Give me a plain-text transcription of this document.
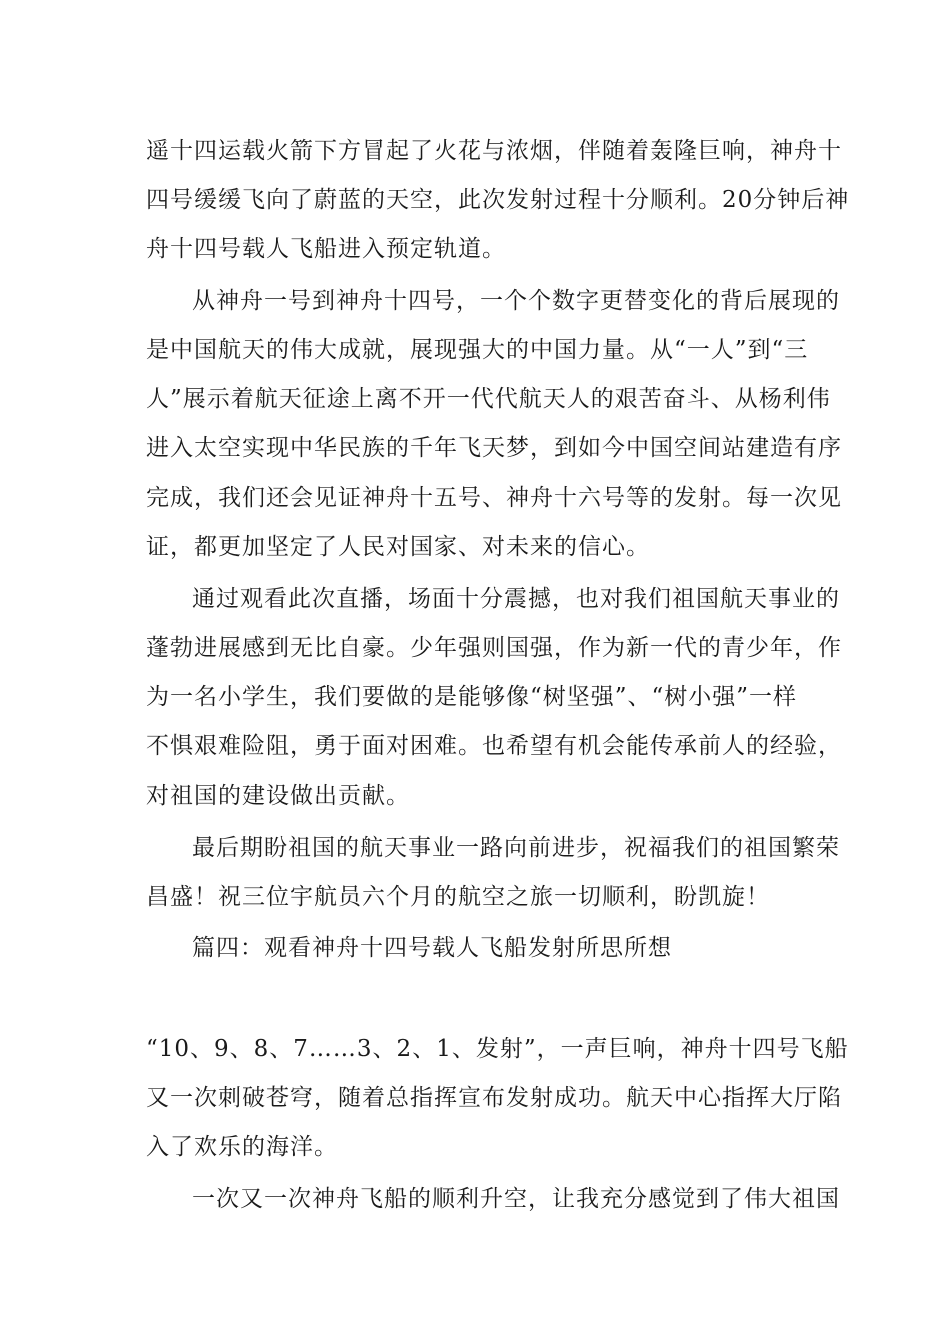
遥十四运载火箭下方冒起了火花与浓烟，伴随着轰隆巨响，神舟十
四号缓缓飞向了蔚蓝的天空，此次发射过程十分顺利。20分钟后神
舟十四号载人飞船进入预定轨道。
从神舟一号到神舟十四号，一个个数字更替变化的背后展现的
是中国航天的伟大成就，展现强大的中国力量。从“一人”到“三
人”展示着航天征途上离不开一代代航天人的艰苦奋斗、从杨利伟
进入太空实现中华民族的千年飞天梦，到如今中国空间站建造有序
完成，我们还会见证神舟十五号、神舟十六号等的发射。每一次见
证，都更加坚定了人民对国家、对未来的信心。
通过观看此次直播，场面十分震撼，也对我们祖国航天事业的
蓬勃进展感到无比自豪。少年强则国强，作为新一代的青少年，作
为一名小学生，我们要做的是能够像“树坚强”、“树小强”一样
不惧艰难险阻，勇于面对困难。也希望有机会能传承前人的经验，
对祖国的建设做出贡献。
最后期盼祖国的航天事业一路向前进步，祝福我们的祖国繁荣
昌盛！祝三位宇航员六个月的航空之旅一切顺利，盼凯旋！
篇四：观看神舟十四号载人飞船发射所思所想
“10、9、8、7……3、2、1、发射”，一声巨响，神舟十四号飞船
又一次刺破苍穹，随着总指挥宣布发射成功。航天中心指挥大厅陷
入了欢乐的海洋。
一次又一次神舟飞船的顺利升空，让我充分感觉到了伟大祖国
